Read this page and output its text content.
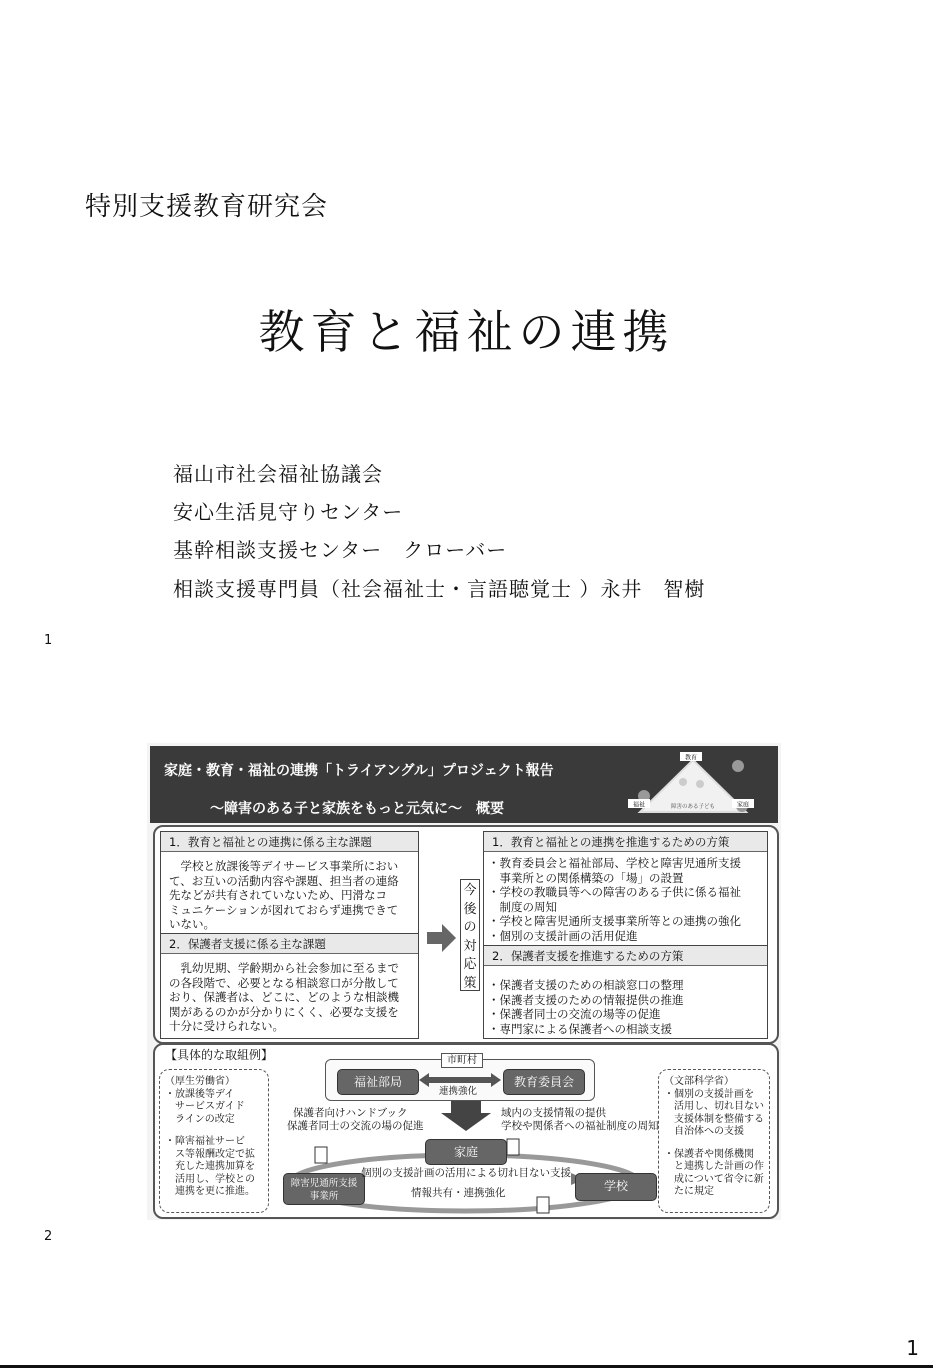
特別支援教育研究会
教育と福祉の連携
福山市社会福祉協議会
安心生活見守りセンター
基幹相談支援センター　クローバー
相談支援専門員（社会福祉士・言語聴覚士 ）永井　智樹
1
家庭・教育・福祉の連携「トライアングル」プロジェクト報告
～障害のある子と家族をもっと元気に～　概要
教育
福祉	家庭
障害のある子ども
1．教育と福祉との連携に係る主な課題
　学校と放課後等デイサービス事業所におい
て、お互いの活動内容や課題、担当者の連絡
先などが共有されていないため、円滑なコ
ミュニケーションが図れておらず連携できて
いない。
2．保護者支援に係る主な課題
　乳幼児期、学齢期から社会参加に至るまで
の各段階で、必要となる相談窓口が分散して
おり、保護者は、どこに、どのような相談機
関があるのかが分かりにくく、必要な支援を
十分に受けられない。
今
後
の
対
応
策
1．教育と福祉との連携を推進するための方策
・教育委員会と福祉部局、学校と障害児通所支援
　事業所との関係構築の「場」の設置
・学校の教職員等への障害のある子供に係る福祉
　制度の周知
・学校と障害児通所支援事業所等との連携の強化
・個別の支援計画の活用促進
2．保護者支援を推進するための方策
・保護者支援のための相談窓口の整理
・保護者支援のための情報提供の推進
・保護者同士の交流の場等の促進
・専門家による保護者への相談支援
【具体的な取組例】
（厚生労働省）
・放課後等デイ
　サービスガイド
　ラインの改定
・障害福祉サービ
　ス等報酬改定で拡
　充した連携加算を
　活用し、学校との
　連携を更に推進。
（文部科学省）
・個別の支援計画を
　活用し、切れ目ない
　支援体制を整備する
　自治体への支援
・保護者や関係機関
　と連携した計画の作
　成について省令に新
　たに規定
市町村
福祉部局	教育委員会
連携強化
保護者向けハンドブック
保護者同士の交流の場の促進
域内の支援情報の提供
学校や関係者への福祉制度の周知
家庭
障害児通所支援
事業所
学校
個別の支援計画の活用による切れ目ない支援
情報共有・連携強化
2
1
